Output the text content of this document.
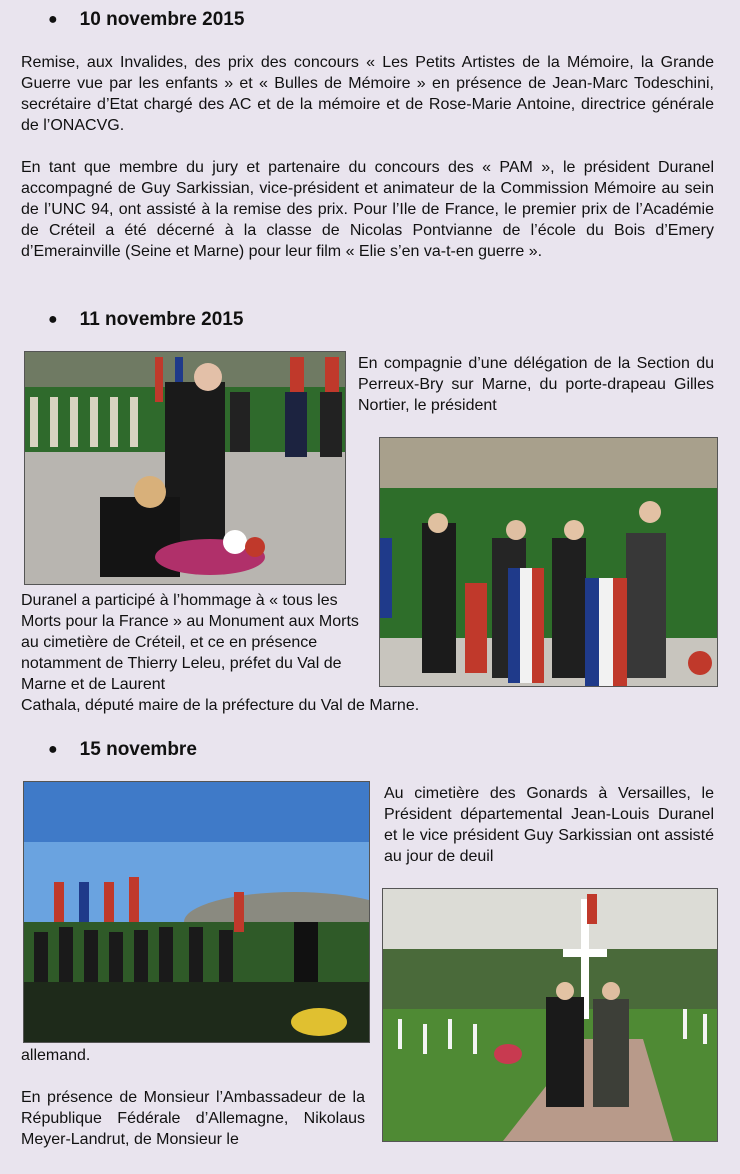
● 10 novembre 2015
Remise, aux Invalides, des prix des concours « Les Petits Artistes de la Mémoire, la Grande Guerre vue par les enfants » et « Bulles de Mémoire » en présence de Jean-Marc Todeschini, secrétaire d’Etat chargé des AC et de la mémoire et de Rose-Marie Antoine, directrice générale de l’ONACVG.
En tant que membre du jury et partenaire du concours des « PAM », le président Duranel accompagné de Guy Sarkissian, vice-président et animateur de la Commission Mémoire au sein de l’UNC 94, ont assisté à la remise des prix. Pour l’Ile de France, le premier prix de l’Académie de Créteil a été décerné à la classe de Nicolas Pontvianne de l’école du Bois d’Emery d’Emerainville (Seine et Marne) pour leur film « Elie s’en va-t-en guerre ».
● 11 novembre 2015
En compagnie d’une délégation de la Section du Perreux-Bry sur Marne, du porte-drapeau Gilles Nortier, le président
Duranel a participé à l’hommage à « tous les Morts pour la France » au Monument aux Morts au cimetière de Créteil, et ce en présence notamment de Thierry Leleu, préfet du Val de Marne et de Laurent
Cathala, député maire de la préfecture du Val de Marne.
● 15 novembre
Au cimetière des Gonards à Versailles, le Président départemental Jean-Louis Duranel et le vice président Guy Sarkissian ont assisté au jour de deuil
allemand.
En présence de Monsieur l’Ambassadeur de la République Fédérale d’Allemagne, Nikolaus Meyer-Landrut, de Monsieur le
